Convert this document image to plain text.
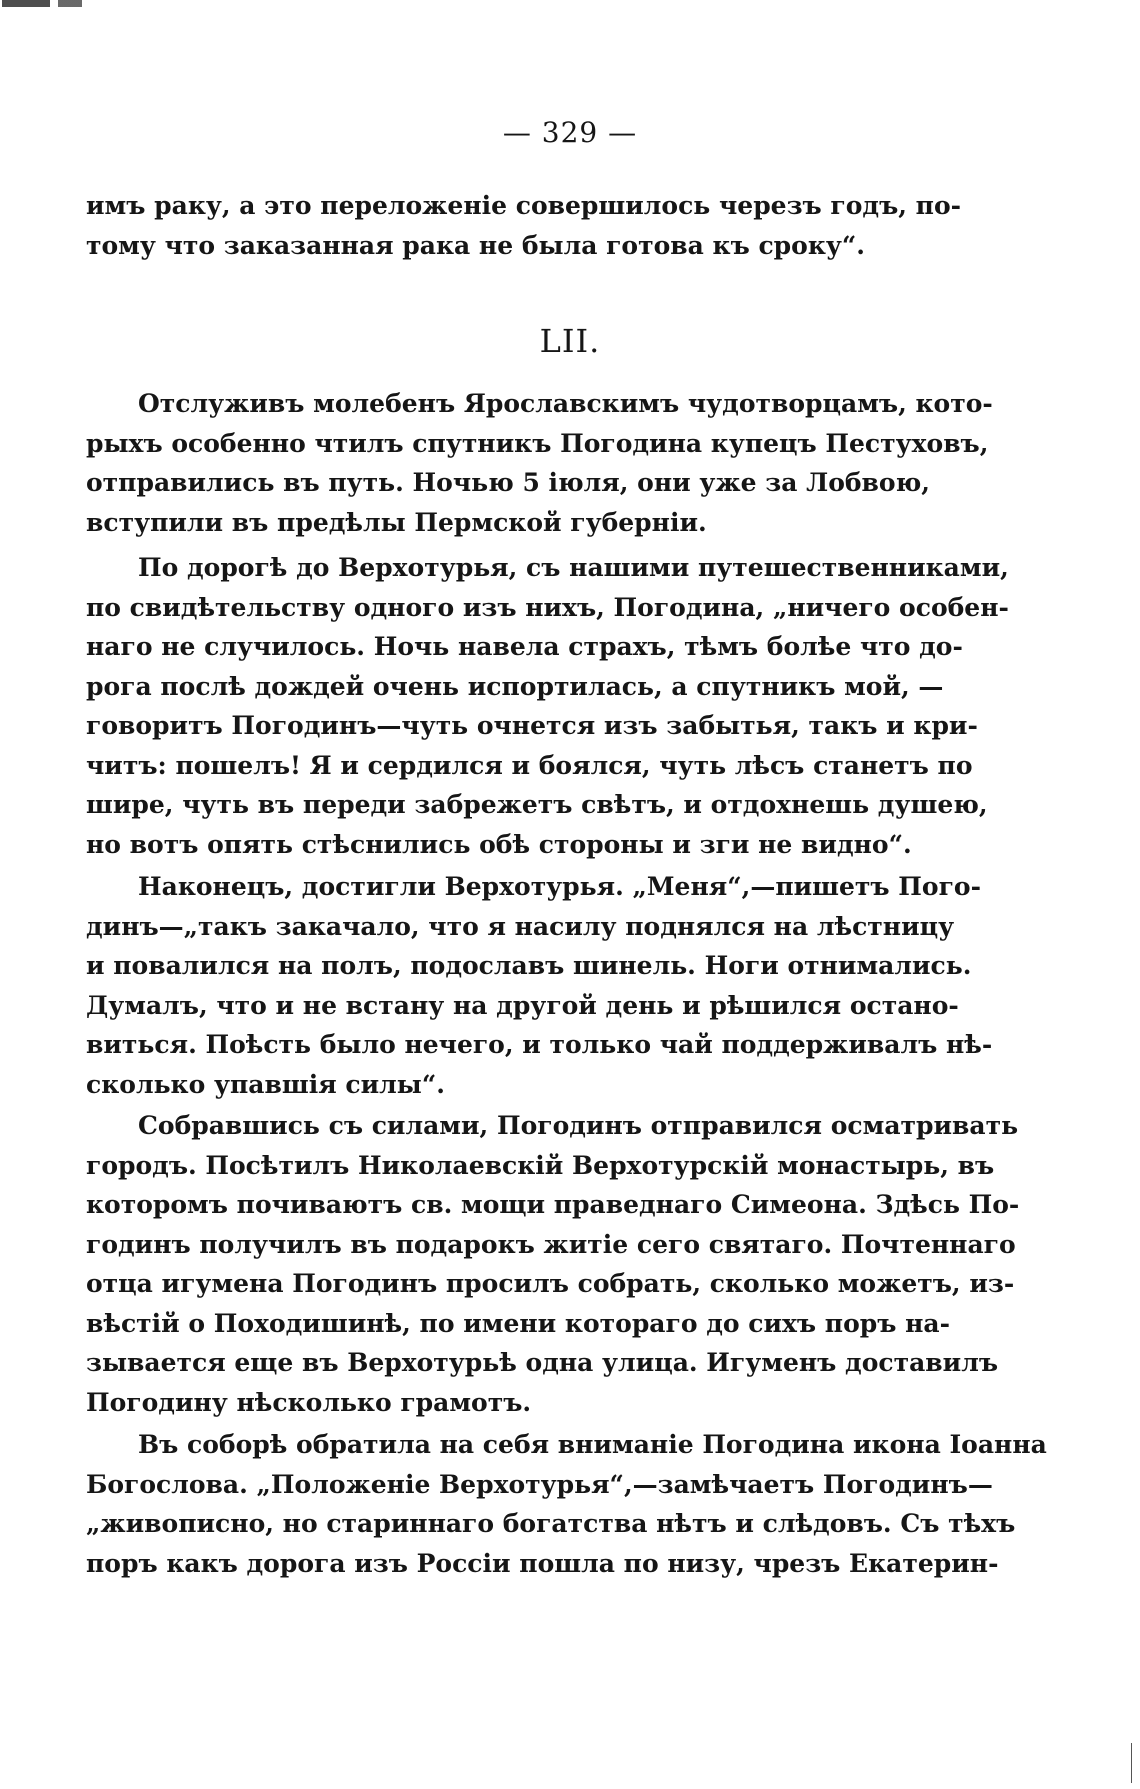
— 329 —
имъ раку, а это переложеніе совершилось черезъ годъ, по-
тому что заказанная рака не была готова къ сроку“.
LII.
Отслуживъ молебенъ Ярославскимъ чудотворцамъ, кото-
рыхъ особенно чтилъ спутникъ Погодина купецъ Пестуховъ,
отправились въ путь. Ночью 5 іюля, они уже за Лобвою,
вступили въ предѣлы Пермской губерніи.
По дорогѣ до Верхотурья, съ нашими путешественниками,
по свидѣтельству одного изъ нихъ, Погодина, „ничего особен-
наго не случилось. Ночь навела страхъ, тѣмъ болѣе что до-
рога послѣ дождей очень испортилась, а спутникъ мой, —
говоритъ Погодинъ—чуть очнется изъ забытья, такъ и кри-
читъ: пошелъ! Я и сердился и боялся, чуть лѣсъ станетъ по
шире, чуть въ переди забрежетъ свѣтъ, и отдохнешь душею,
но вотъ опять стѣснились обѣ стороны и зги не видно“.
Наконецъ, достигли Верхотурья. „Меня“,—пишетъ Пого-
динъ—„такъ закачало, что я насилу поднялся на лѣстницу
и повалился на полъ, подославъ шинель. Ноги отнимались.
Думалъ, что и не встану на другой день и рѣшился остано-
виться. Поѣсть было нечего, и только чай поддерживалъ нѣ-
сколько упавшія силы“.
Собравшись съ силами, Погодинъ отправился осматривать
городъ. Посѣтилъ Николаевскій Верхотурскій монастырь, въ
которомъ почиваютъ св. мощи праведнаго Симеона. Здѣсь По-
годинъ получилъ въ подарокъ житіе сего святаго. Почтеннаго
отца игумена Погодинъ просилъ собрать, сколько можетъ, из-
вѣстій о Походишинѣ, по имени котораго до сихъ поръ на-
зывается еще въ Верхотурьѣ одна улица. Игуменъ доставилъ
Погодину нѣсколько грамотъ.
Въ соборѣ обратила на себя вниманіе Погодина икона Іоанна
Богослова. „Положеніе Верхотурья“,—замѣчаетъ Погодинъ—
„живописно, но стариннаго богатства нѣтъ и слѣдовъ. Съ тѣхъ
поръ какъ дорога изъ Россіи пошла по низу, чрезъ Екатерин-
